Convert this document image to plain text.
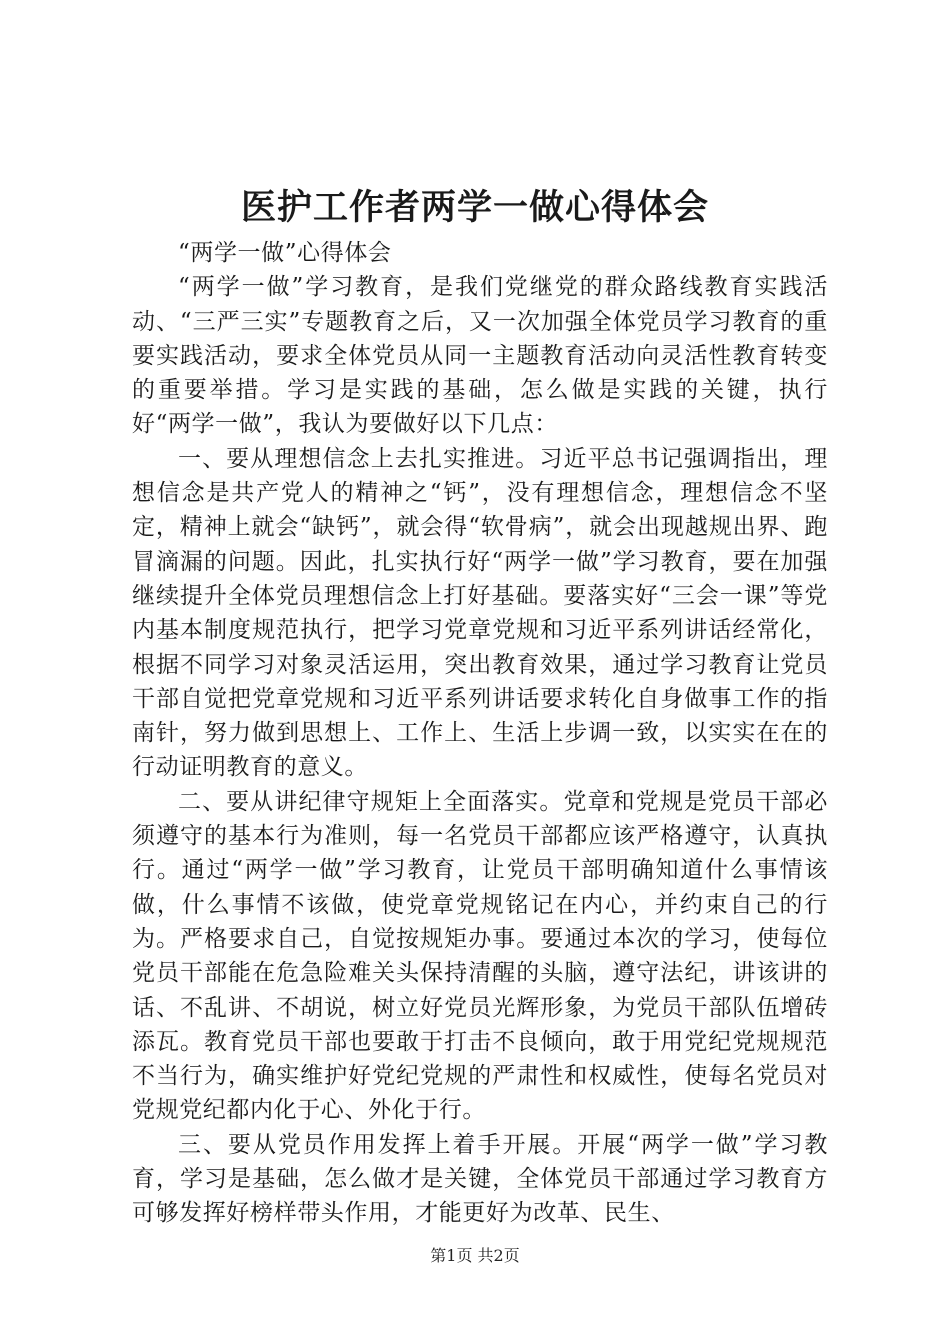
医护工作者两学一做心得体会

“两学一做”心得体会

“两学一做”学习教育，是我们党继党的群众路线教育实践活动、“三严三实”专题教育之后，又一次加强全体党员学习教育的重要实践活动，要求全体党员从同一主题教育活动向灵活性教育转变的重要举措。学习是实践的基础，怎么做是实践的关键，执行好“两学一做”，我认为要做好以下几点：

一、要从理想信念上去扎实推进。习近平总书记强调指出，理想信念是共产党人的精神之“钙”，没有理想信念，理想信念不坚定，精神上就会“缺钙”，就会得“软骨病”，就会出现越规出界、跑冒滴漏的问题。因此，扎实执行好“两学一做”学习教育，要在加强继续提升全体党员理想信念上打好基础。要落实好“三会一课”等党内基本制度规范执行，把学习党章党规和习近平系列讲话经常化，根据不同学习对象灵活运用，突出教育效果，通过学习教育让党员干部自觉把党章党规和习近平系列讲话要求转化自身做事工作的指南针，努力做到思想上、工作上、生活上步调一致，以实实在在的行动证明教育的意义。

二、要从讲纪律守规矩上全面落实。党章和党规是党员干部必须遵守的基本行为准则，每一名党员干部都应该严格遵守，认真执行。通过“两学一做”学习教育，让党员干部明确知道什么事情该做，什么事情不该做，使党章党规铭记在内心，并约束自己的行为。严格要求自己，自觉按规矩办事。要通过本次的学习，使每位党员干部能在危急险难关头保持清醒的头脑，遵守法纪，讲该讲的话、不乱讲、不胡说，树立好党员光辉形象，为党员干部队伍增砖添瓦。教育党员干部也要敢于打击不良倾向，敢于用党纪党规规范不当行为，确实维护好党纪党规的严肃性和权威性，使每名党员对党规党纪都内化于心、外化于行。

三、要从党员作用发挥上着手开展。开展“两学一做”学习教育，学习是基础，怎么做才是关键，全体党员干部通过学习教育方可够发挥好榜样带头作用，才能更好为改革、民生、

第1页 共2页
